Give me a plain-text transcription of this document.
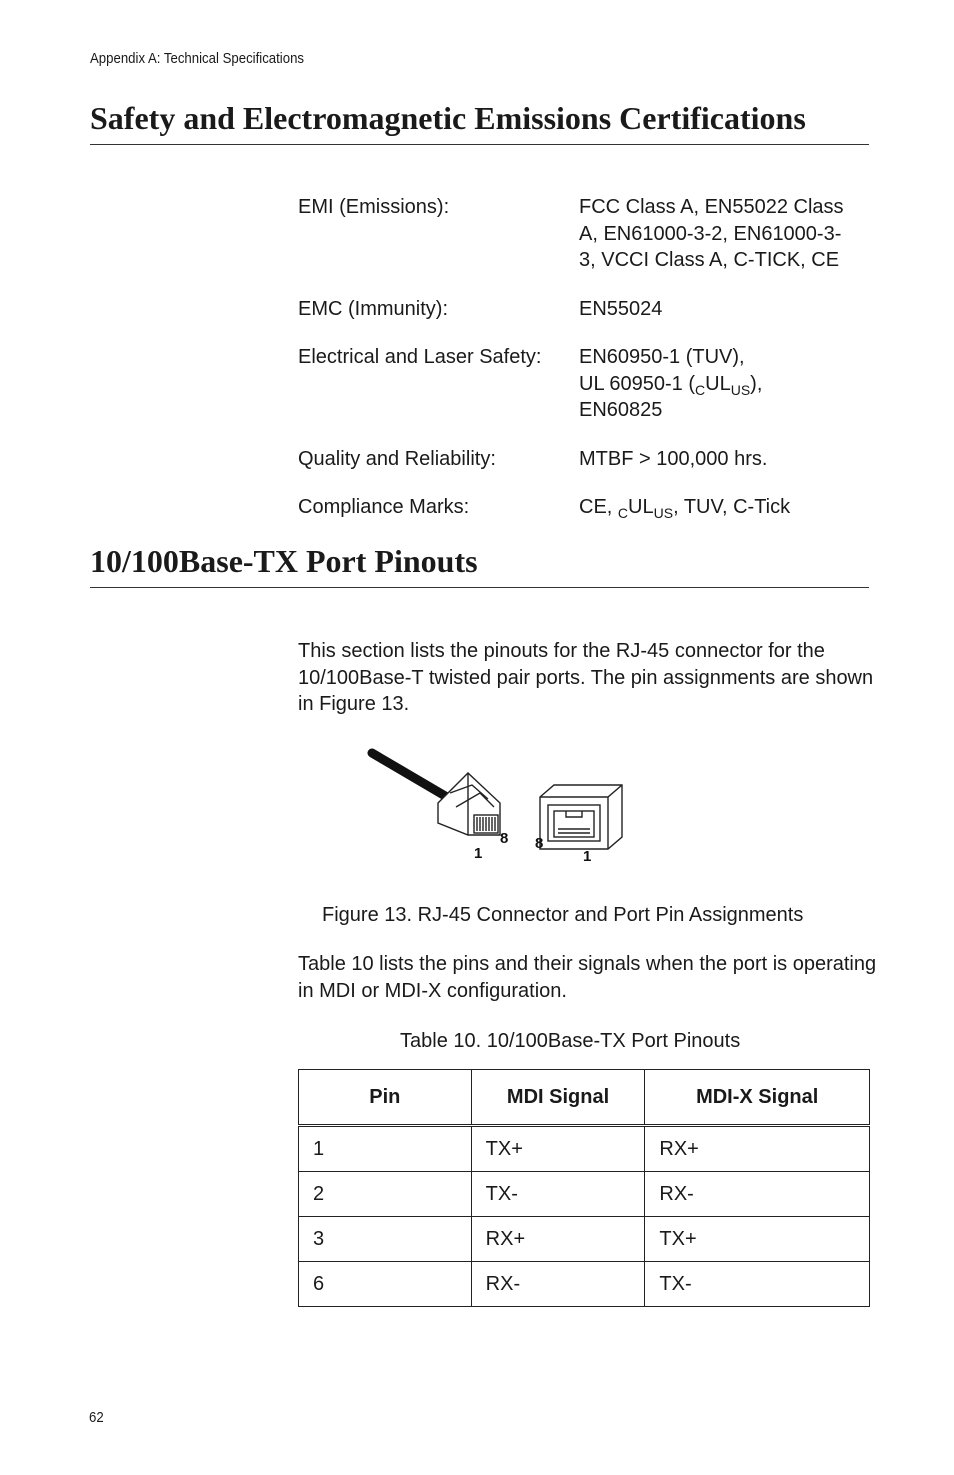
Appendix A: Technical Specifications
Safety and Electromagnetic Emissions Certifications
EMI (Emissions):	FCC Class A, EN55022 Class
A, EN61000-3-2, EN61000-3-
3, VCCI Class A, C-TICK, CE
EMC (Immunity):	EN55024
Electrical and Laser Safety:	EN60950-1 (TUV),
UL 60950-1 $(_CUL_{US})$,
EN60825
Quality and Reliability:	MTBF > 100,000 hrs.
Compliance Marks:	CE, $_CUL_{US}$, TUV, C-Tick
10/100Base-TX Port Pinouts

This section lists the pinouts for the RJ-45 connector for the 10/100Base-T twisted pair ports. The pin assignments are shown in Figure 13.

1
8 8
1

Figure 13. RJ-45 Connector and Port Pin Assignments

Table 10 lists the pins and their signals when the port is operating in MDI or MDI-X configuration.

Table 10. 10/100Base-TX Port Pinouts

Pin	MDI Signal	MDI-X Signal
1	TX+	RX+
2	TX-	RX-
3	RX+	TX+
6	RX-	TX-
62
